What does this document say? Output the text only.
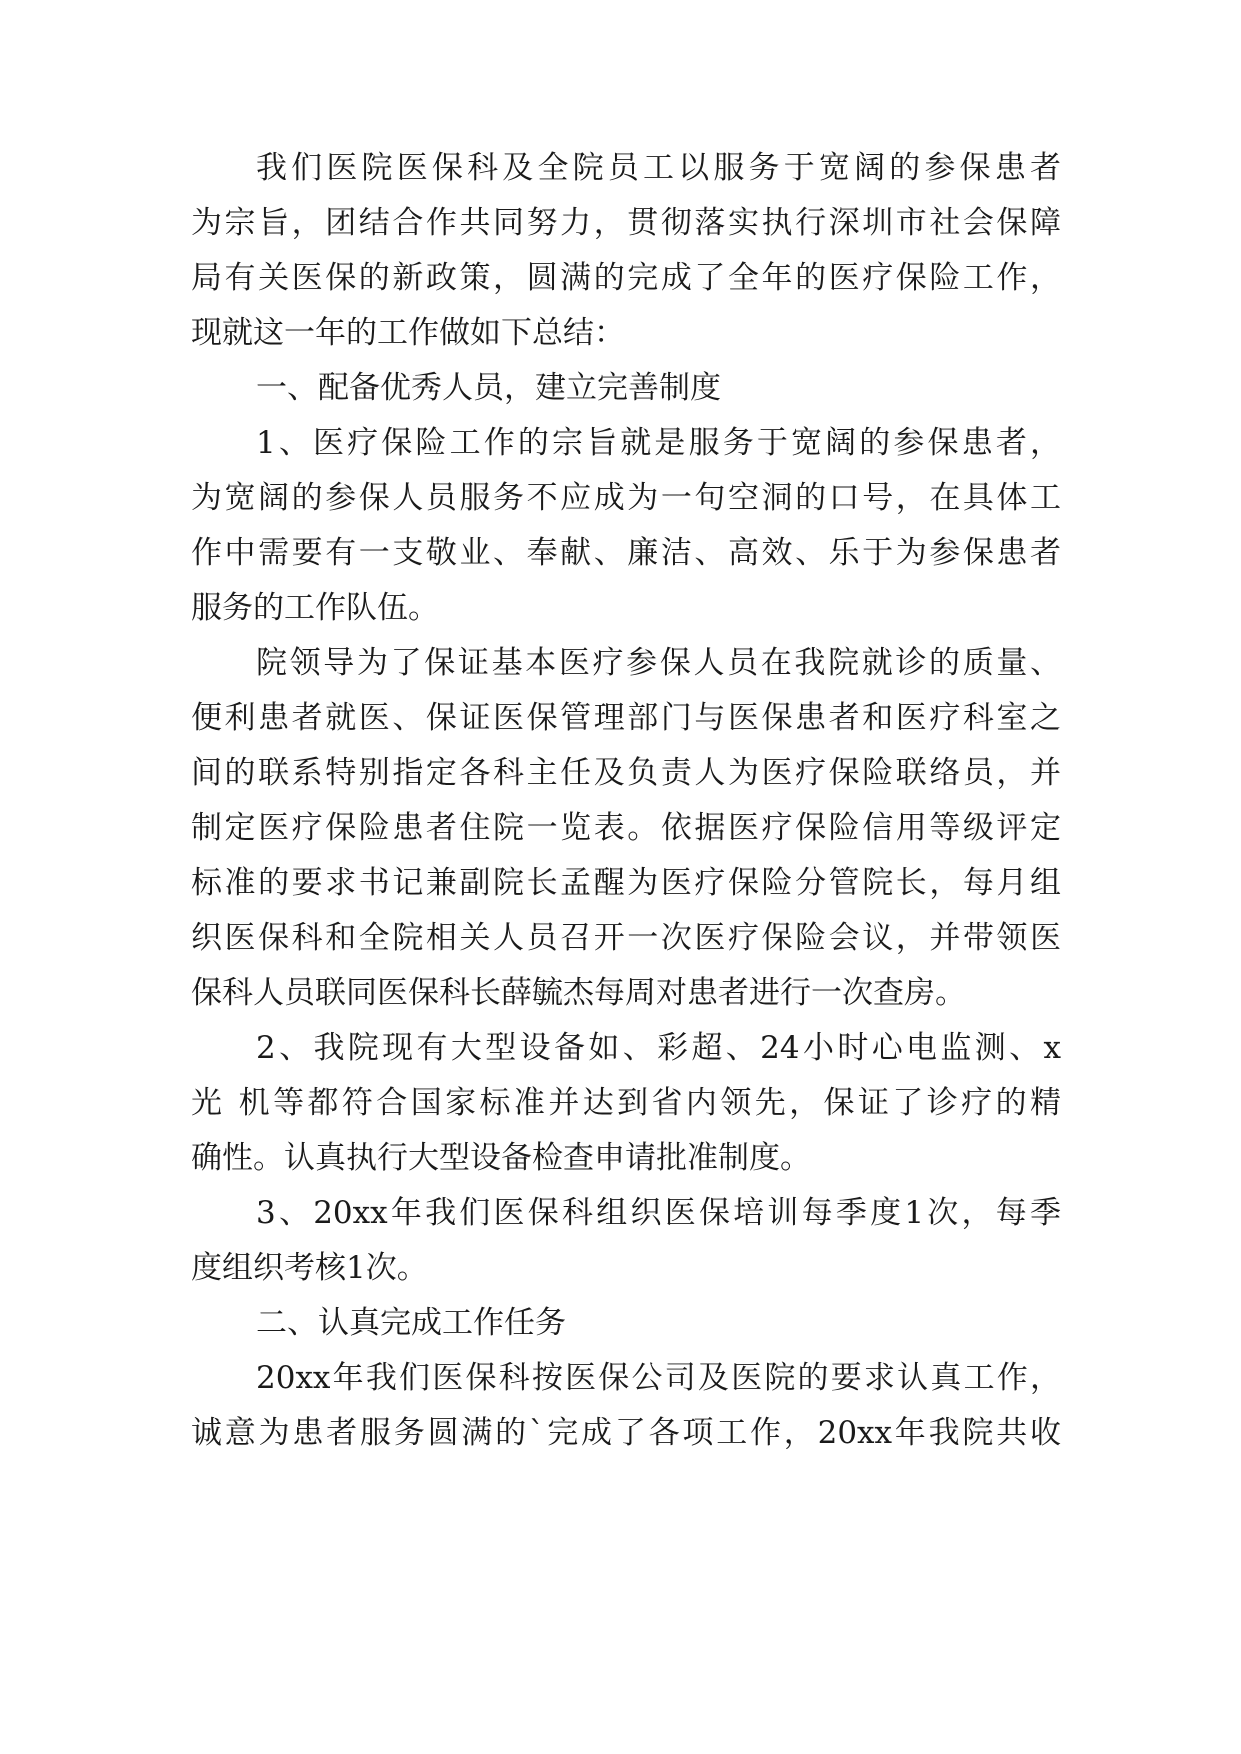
我们医院医保科及全院员工以服务于宽阔的参保患者
为宗旨，团结合作共同努力，贯彻落实执行深圳市社会保障
局有关医保的新政策，圆满的完成了全年的医疗保险工作，
现就这一年的工作做如下总结：
一、配备优秀人员，建立完善制度
1、医疗保险工作的宗旨就是服务于宽阔的参保患者，
为宽阔的参保人员服务不应成为一句空洞的口号，在具体工
作中需要有一支敬业、奉献、廉洁、高效、乐于为参保患者
服务的工作队伍。
院领导为了保证基本医疗参保人员在我院就诊的质量、
便利患者就医、保证医保管理部门与医保患者和医疗科室之
间的联系特别指定各科主任及负责人为医疗保险联络员，并
制定医疗保险患者住院一览表。依据医疗保险信用等级评定
标准的要求书记兼副院长孟醒为医疗保险分管院长，每月组
织医保科和全院相关人员召开一次医疗保险会议，并带领医
保科人员联同医保科长薛毓杰每周对患者进行一次查房。
2、我院现有大型设备如、彩超、24小时心电监测、x
光 机等都符合国家标准并达到省内领先，保证了诊疗的精
确性。认真执行大型设备检查申请批准制度。
3、20xx年我们医保科组织医保培训每季度1次，每季
度组织考核1次。
二、认真完成工作任务
20xx年我们医保科按医保公司及医院的要求认真工作，
诚意为患者服务圆满的`完成了各项工作，20xx年我院共收
